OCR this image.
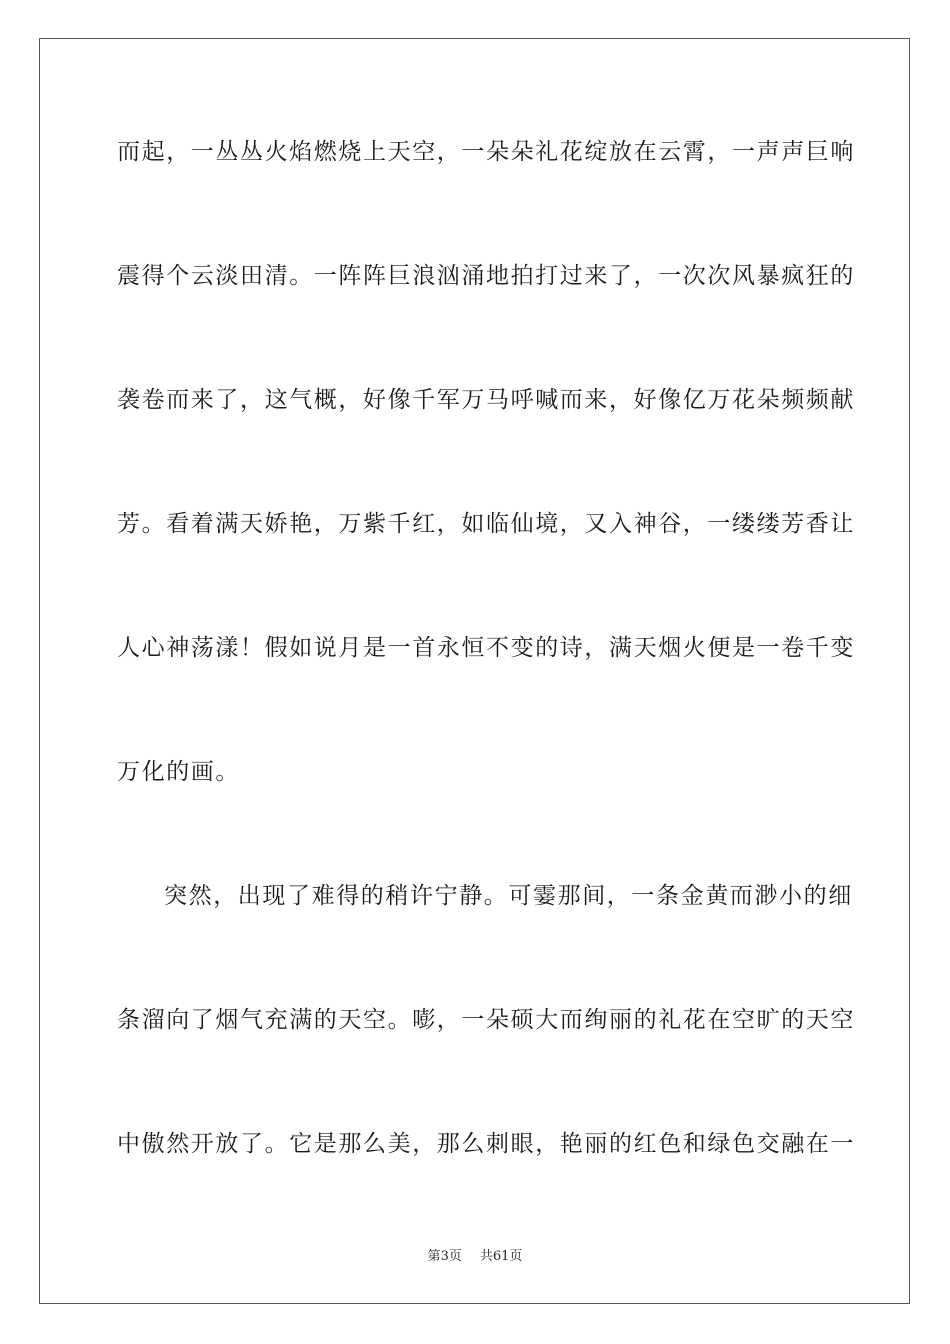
而起，一丛丛火焰燃烧上天空，一朵朵礼花绽放在云霄，一声声巨响
震得个云淡田清。一阵阵巨浪汹涌地拍打过来了，一次次风暴疯狂的
袭卷而来了，这气概，好像千军万马呼喊而来，好像亿万花朵频频献
芳。看着满天娇艳，万紫千红，如临仙境，又入神谷，一缕缕芳香让
人心神荡漾！假如说月是一首永恒不变的诗，满天烟火便是一卷千变
万化的画。
突然，出现了难得的稍许宁静。可霎那间，一条金黄而渺小的细
条溜向了烟气充满的天空。嘭，一朵硕大而绚丽的礼花在空旷的天空
中傲然开放了。它是那么美，那么刺眼，艳丽的红色和绿色交融在一
第3页 共61页
